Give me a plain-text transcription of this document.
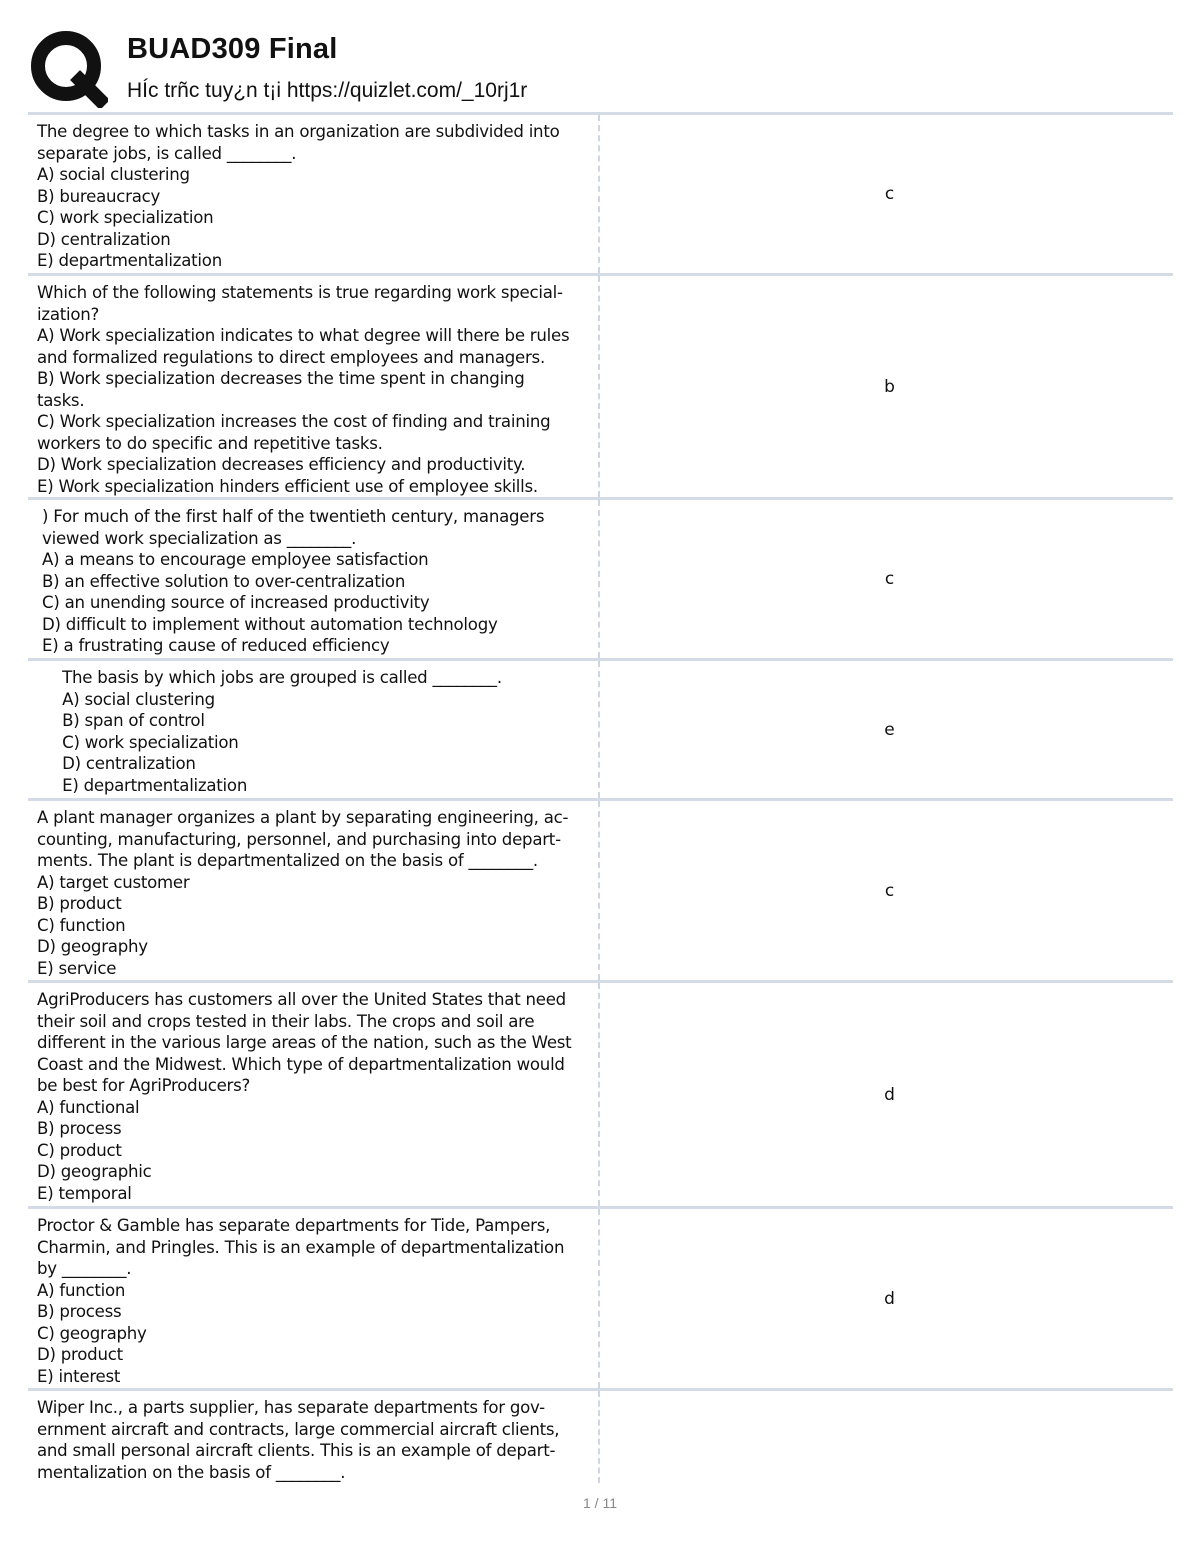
BUAD309 Final
HÍc trñc tuy¿n t¡i https://quizlet.com/_10rj1r
The degree to which tasks in an organization are subdivided into
separate jobs, is called ________.
A) social clustering
B) bureaucracy
C) work specialization
D) centralization
E) departmentalization
c
Which of the following statements is true regarding work special-
ization?
A) Work specialization indicates to what degree will there be rules
and formalized regulations to direct employees and managers.
B) Work specialization decreases the time spent in changing
tasks.
C) Work specialization increases the cost of finding and training
workers to do specific and repetitive tasks.
D) Work specialization decreases efficiency and productivity.
E) Work specialization hinders efficient use of employee skills.
b
) For much of the first half of the twentieth century, managers
viewed work specialization as ________.
A) a means to encourage employee satisfaction
B) an effective solution to over-centralization
C) an unending source of increased productivity
D) difficult to implement without automation technology
E) a frustrating cause of reduced efficiency
c
The basis by which jobs are grouped is called ________.
A) social clustering
B) span of control
C) work specialization
D) centralization
E) departmentalization
e
A plant manager organizes a plant by separating engineering, ac-
counting, manufacturing, personnel, and purchasing into depart-
ments. The plant is departmentalized on the basis of ________.
A) target customer
B) product
C) function
D) geography
E) service
c
AgriProducers has customers all over the United States that need
their soil and crops tested in their labs. The crops and soil are
different in the various large areas of the nation, such as the West
Coast and the Midwest. Which type of departmentalization would
be best for AgriProducers?
A) functional
B) process
C) product
D) geographic
E) temporal
d
Proctor & Gamble has separate departments for Tide, Pampers,
Charmin, and Pringles. This is an example of departmentalization
by ________.
A) function
B) process
C) geography
D) product
E) interest
d
Wiper Inc., a parts supplier, has separate departments for gov-
ernment aircraft and contracts, large commercial aircraft clients,
and small personal aircraft clients. This is an example of depart-
mentalization on the basis of ________.
1 / 11
